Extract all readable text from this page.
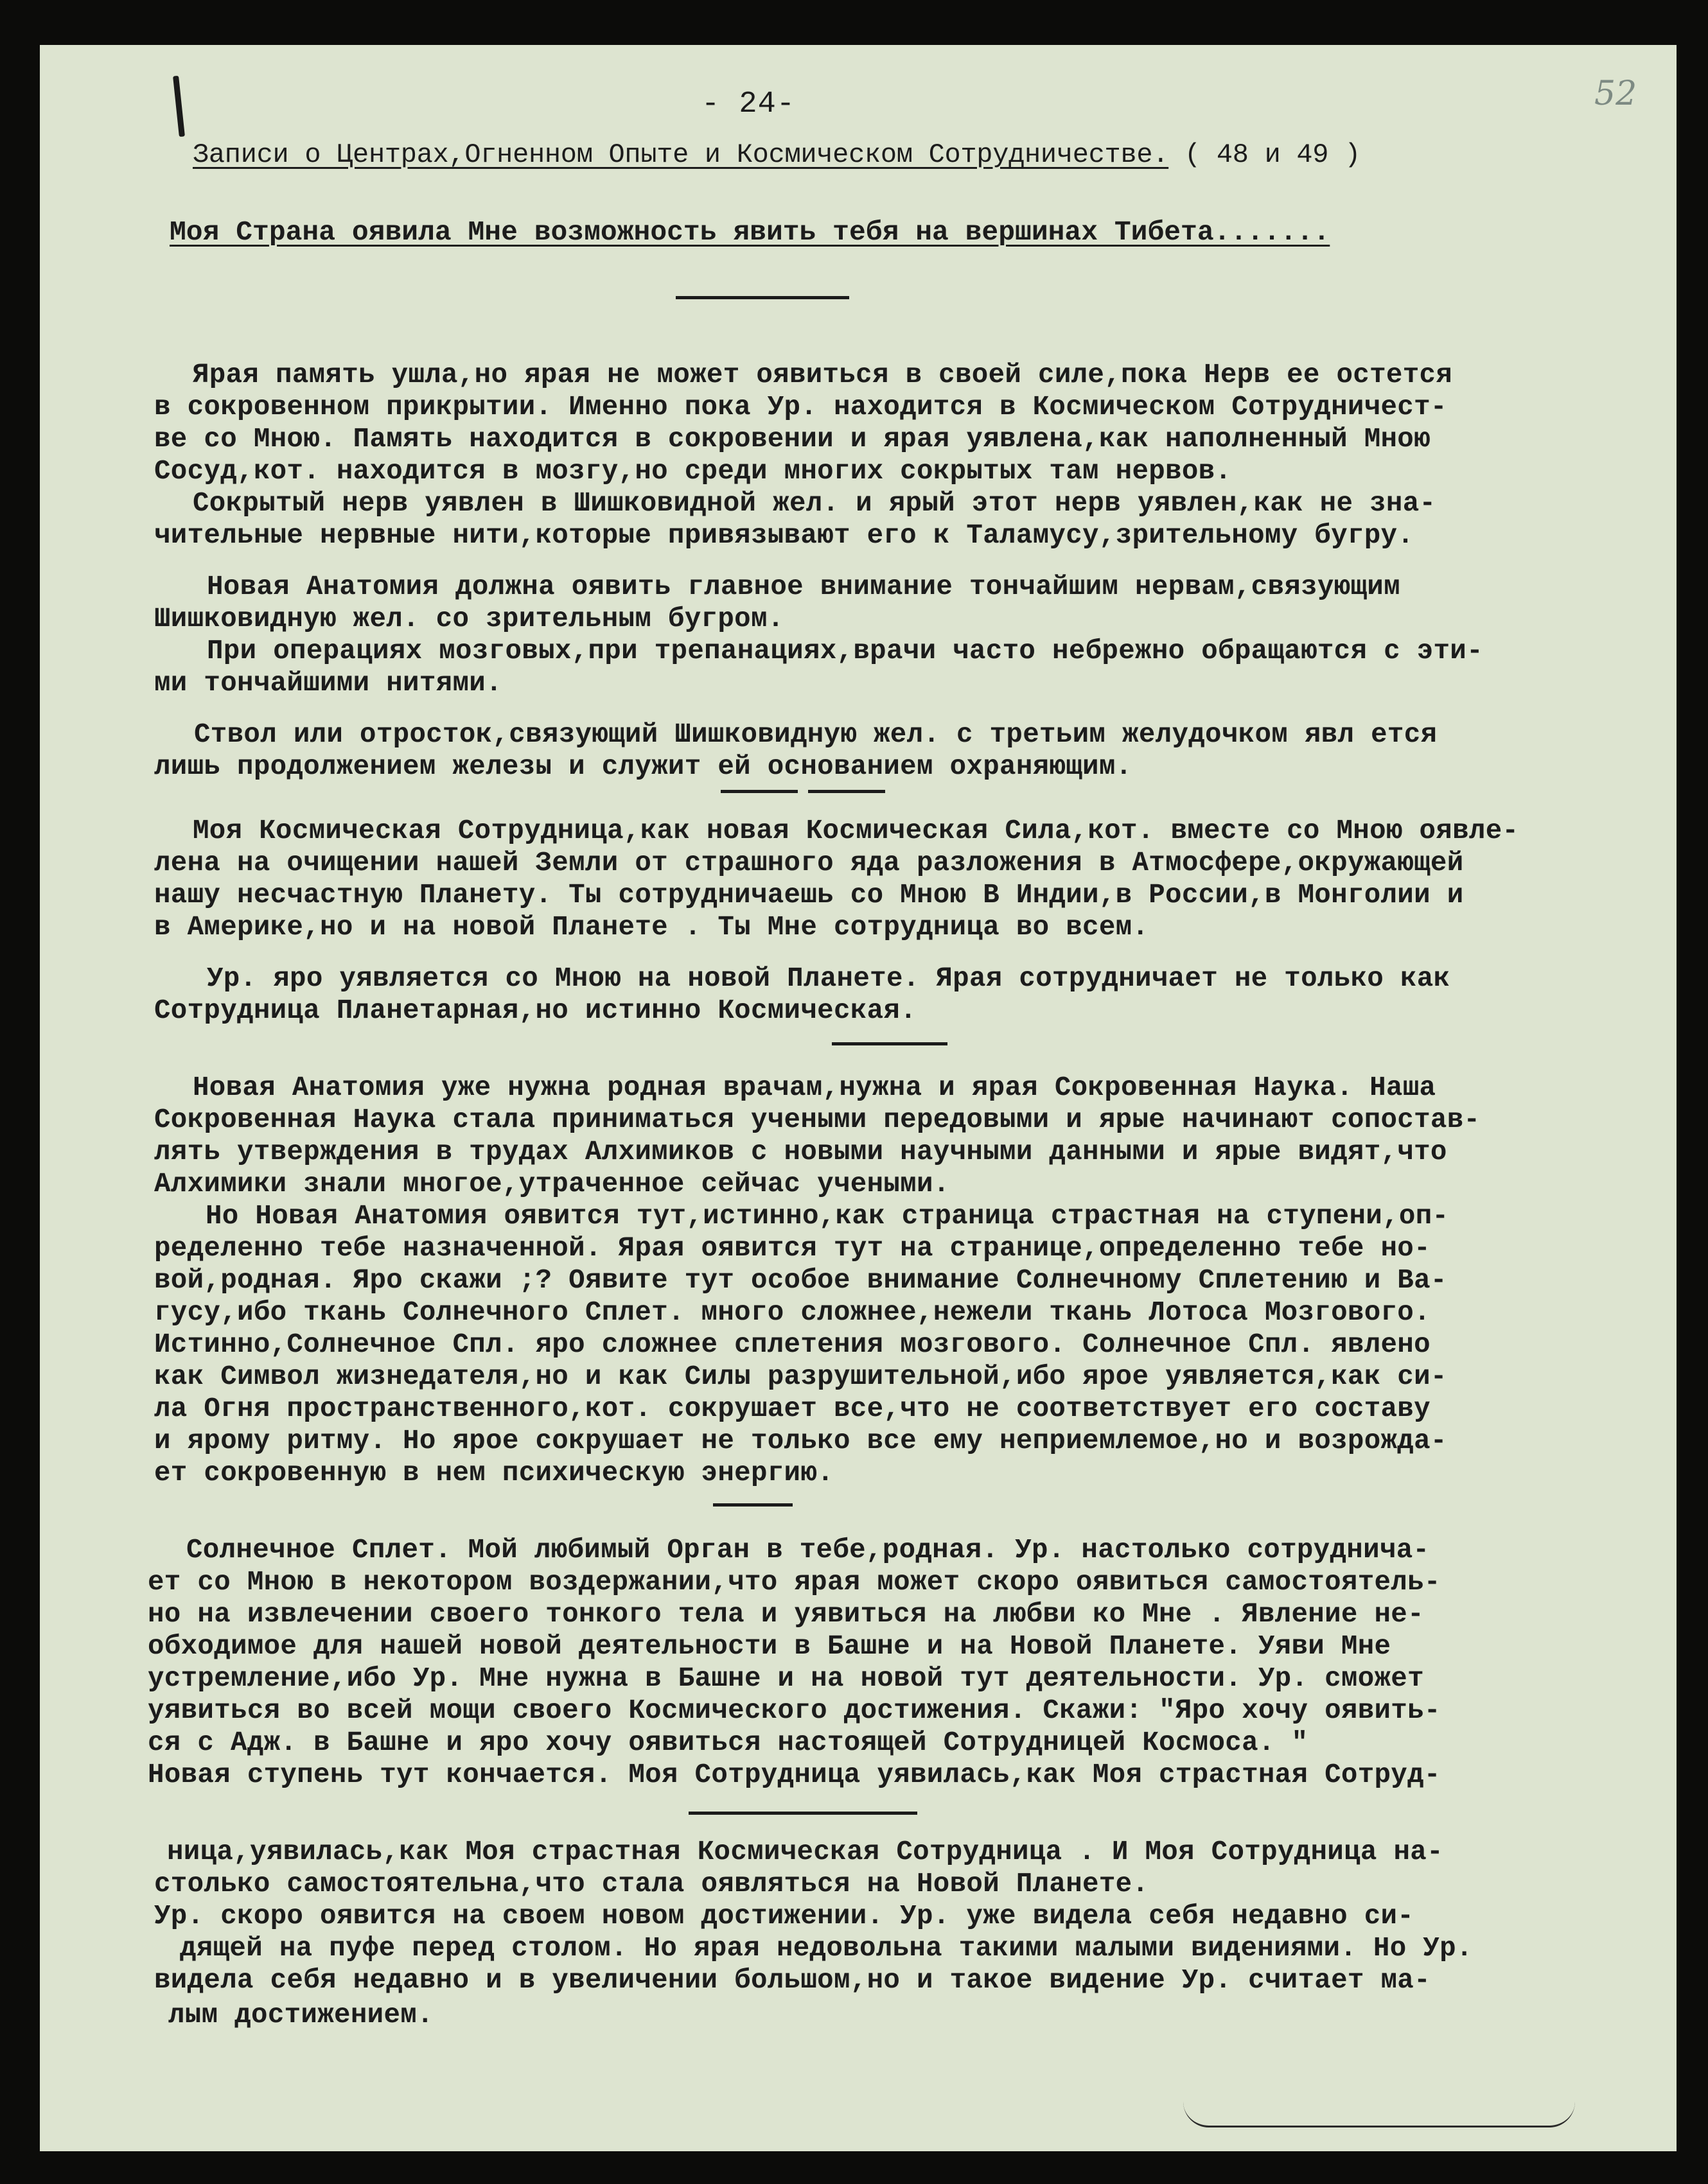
52
- 24-
Записи о Центрах,Огненном Опыте и Космическом Сотрудничестве. ( 48 и 49 )
Моя Страна оявила Мне возможность явить тебя на вершинах Тибета.......
Ярая память ушла,но ярая не может оявиться в своей силе,пока Нерв ее остется
в сокровенном прикрытии. Именно пока Ур. находится в Космическом Сотрудничест-
ве со Мною. Память находится в сокровении и ярая уявлена,как наполненный Мною
Сосуд,кот. находится в мозгу,но среди многих сокрытых там нервов.
Сокрытый нерв уявлен в Шишковидной жел. и ярый этот нерв уявлен,как не зна-
чительные нервные нити,которые привязывают его к Таламусу,зрительному бугру.
Новая Анатомия должна оявить главное внимание тончайшим нервам,связующим
Шишковидную жел. со зрительным бугром.
При операциях мозговых,при трепанациях,врачи часто небрежно обращаются с эти-
ми тончайшими нитями.
Ствол или отросток,связующий Шишковидную жел. с третьим желудочком явл ется
лишь продолжением железы и служит ей основанием охраняющим.
Моя Космическая Сотрудница,как новая Космическая Сила,кот. вместе со Мною оявле-
лена на очищении нашей Земли от страшного яда разложения в Атмосфере,окружающей
нашу несчастную Планету. Ты сотрудничаешь со Мною В Индии,в России,в Монголии и
в Америке,но и на новой Планете . Ты Мне сотрудница во всем.
Ур. яро уявляется со Мною на новой Планете. Ярая сотрудничает не только как
Сотрудница Планетарная,но истинно Космическая.
Новая Анатомия уже нужна родная врачам,нужна и ярая Сокровенная Наука. Наша
Сокровенная Наука стала приниматься учеными передовыми и ярые начинают сопостав-
лять утверждения в трудах Алхимиков с новыми научными данными и ярые видят,что
Алхимики знали многое,утраченное сейчас учеными.
Но Новая Анатомия оявится тут,истинно,как страница страстная на ступени,оп-
ределенно тебе назначенной. Ярая оявится тут на странице,определенно тебе но-
вой,родная. Яро скажи ;? Оявите тут особое внимание Солнечному Сплетению и Ва-
гусу,ибо ткань Солнечного Сплет. много сложнее,нежели ткань Лотоса Мозгового.
Истинно,Солнечное Спл. яро сложнее сплетения мозгового. Солнечное Спл. явлено
как Символ жизнедателя,но и как Силы разрушительной,ибо ярое уявляется,как си-
ла Огня пространственного,кот. сокрушает все,что не соответствует его составу
и ярому ритму. Но ярое сокрушает не только все ему неприемлемое,но и возрожда-
ет сокровенную в нем психическую энергию.
Солнечное Сплет. Мой любимый Орган в тебе,родная. Ур. настолько сотруднича-
ет со Мною в некотором воздержании,что ярая может скоро оявиться самостоятель-
но на извлечении своего тонкого тела и уявиться на любви ко Мне . Явление не-
обходимое для нашей новой деятельности в Башне и на Новой Планете. Уяви Мне
устремление,ибо Ур. Мне нужна в Башне и на новой тут деятельности. Ур. сможет
уявиться во всей мощи своего Космического достижения. Скажи: "Яро хочу оявить-
ся с Адж. в Башне и яро хочу оявиться настоящей Сотрудницей Космоса. "
Новая ступень тут кончается. Моя Сотрудница уявилась,как Моя страстная Сотруд-
ница,уявилась,как Моя страстная Космическая Сотрудница . И Моя Сотрудница на-
столько самостоятельна,что стала оявляться на Новой Планете.
Ур. скоро оявится на своем новом достижении. Ур. уже видела себя недавно си-
дящей на пуфе перед столом. Но ярая недовольна такими малыми видениями. Но Ур.
видела себя недавно и в увеличении большом,но и такое видение Ур. считает ма-
лым достижением.
